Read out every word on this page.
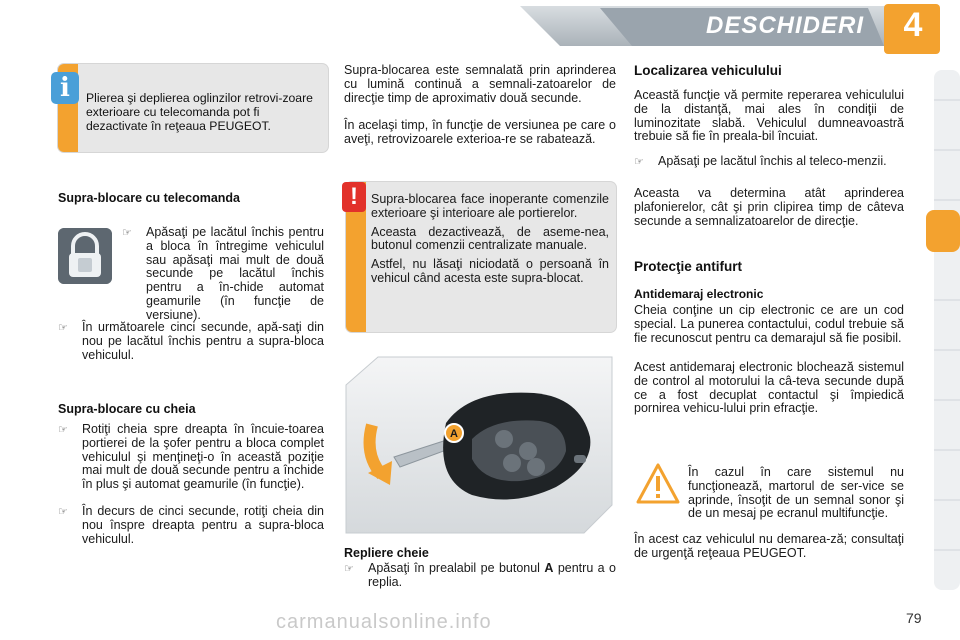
DESCHIDERI	4
i	Plierea şi deplierea oglinzilor retrovi-zoare exterioare cu telecomanda pot fi dezactivate în reţeaua PEUGEOT.

Supra-blocare cu telecomanda
☞	Apăsaţi pe lacătul închis pentru a bloca în întregime vehiculul sau apăsaţi mai mult de două secunde pe lacătul închis pentru a în-chide automat geamurile (în funcţie de versiune).
☞	În următoarele cinci secunde, apă-saţi din nou pe lacătul închis pentru a supra-bloca vehiculul.
Supra-blocare cu cheia
☞	Rotiţi cheia spre dreapta în încuie-toarea portierei de la şofer pentru a bloca complet vehiculul şi menţineţi-o în această poziţie mai mult de două secunde pentru a închide în plus şi automat geamurile (în funcţie).
☞	În decurs de cinci secunde, rotiţi cheia din nou înspre dreapta pentru a supra-bloca vehiculul.

Supra-blocarea este semnalată prin aprinderea cu lumină continuă a semnali-zatoarelor de direcţie timp de aproximativ două secunde.

În acelaşi timp, în funcţie de versiunea pe care o aveţi, retrovizoarele exterioa-re se rabatează.

!	Supra-blocarea face inoperante comenzile exterioare şi interioare ale portierelor.

Aceasta dezactivează, de aseme-nea, butonul comenzii centralizate manuale.

Astfel, nu lăsaţi niciodată o persoană în vehicul când acesta este supra-blocat.

A
Repliere cheie
☞	Apăsaţi în prealabil pe butonul A pentru a o replia.
Localizarea vehiculului

Această funcţie vă permite reperarea vehiculului de la distanţă, mai ales în condiţii de luminozitate slabă. Vehiculul dumneavoastră trebuie să fie în preala-bil încuiat.

☞	Apăsaţi pe lacătul închis al teleco-menzii.

Aceasta va determina atât aprinderea plafonierelor, cât şi prin clipirea timp de câteva secunde a semnalizatoarelor de direcţie.

Protecţie antifurt
Antidemaraj electronic

Cheia conţine un cip electronic ce are un cod special. La punerea contactului, codul trebuie să fie recunoscut pentru ca demarajul să fie posibil.

Acest antidemaraj electronic blochează sistemul de control al motorului la câ-teva secunde după ce a fost decuplat contactul şi împiedică pornirea vehicu-lului prin efracţie.

În cazul în care sistemul nu funcţionează, martorul de ser-vice se aprinde, însoţit de un semnal sonor şi de un mesaj pe ecranul multifuncţie.

În acest caz vehiculul nu demarea-ză; consultaţi de urgenţă reţeaua PEUGEOT.

carmanualsonline.info	79
